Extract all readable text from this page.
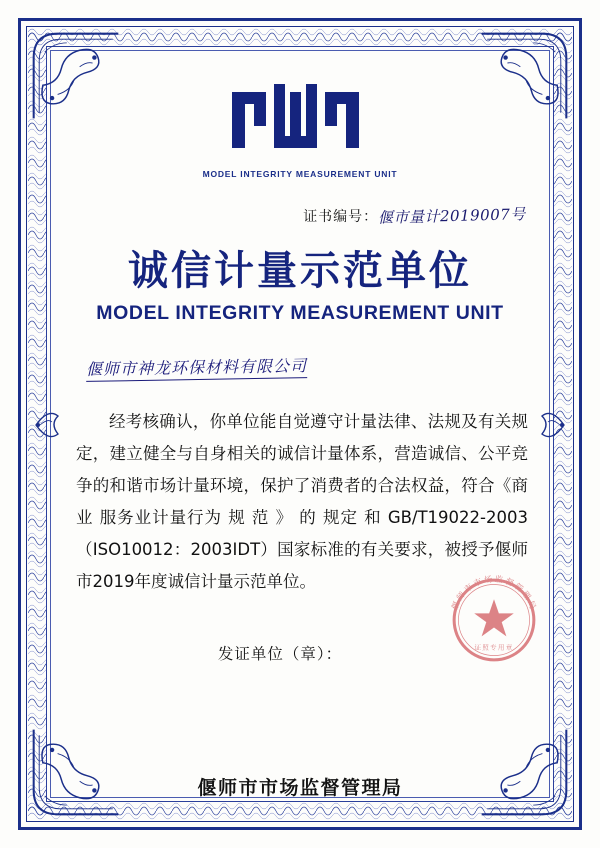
MODEL INTEGRITY MEASUREMENT UNIT
证书编号：偃市量计2019007号
诚信计量示范单位
MODEL INTEGRITY MEASUREMENT UNIT
偃师市神龙环保材料有限公司

经考核确认，你单位能自觉遵守计量法律、法规及有关规定，建立健全与自身相关的诚信计量体系，营造诚信、公平竞争的和谐市场计量环境，保护了消费者的合法权益，符合《商业 服务业计量行为 规 范 》 的 规定 和 GB/T19022-2003（ISO10012：2003IDT）国家标准的有关要求，被授予偃师市2019年度诚信计量示范单位。

发证单位（章）：
偃师市市场监督管理局
证照专用章
偃师市市场监督管理局
